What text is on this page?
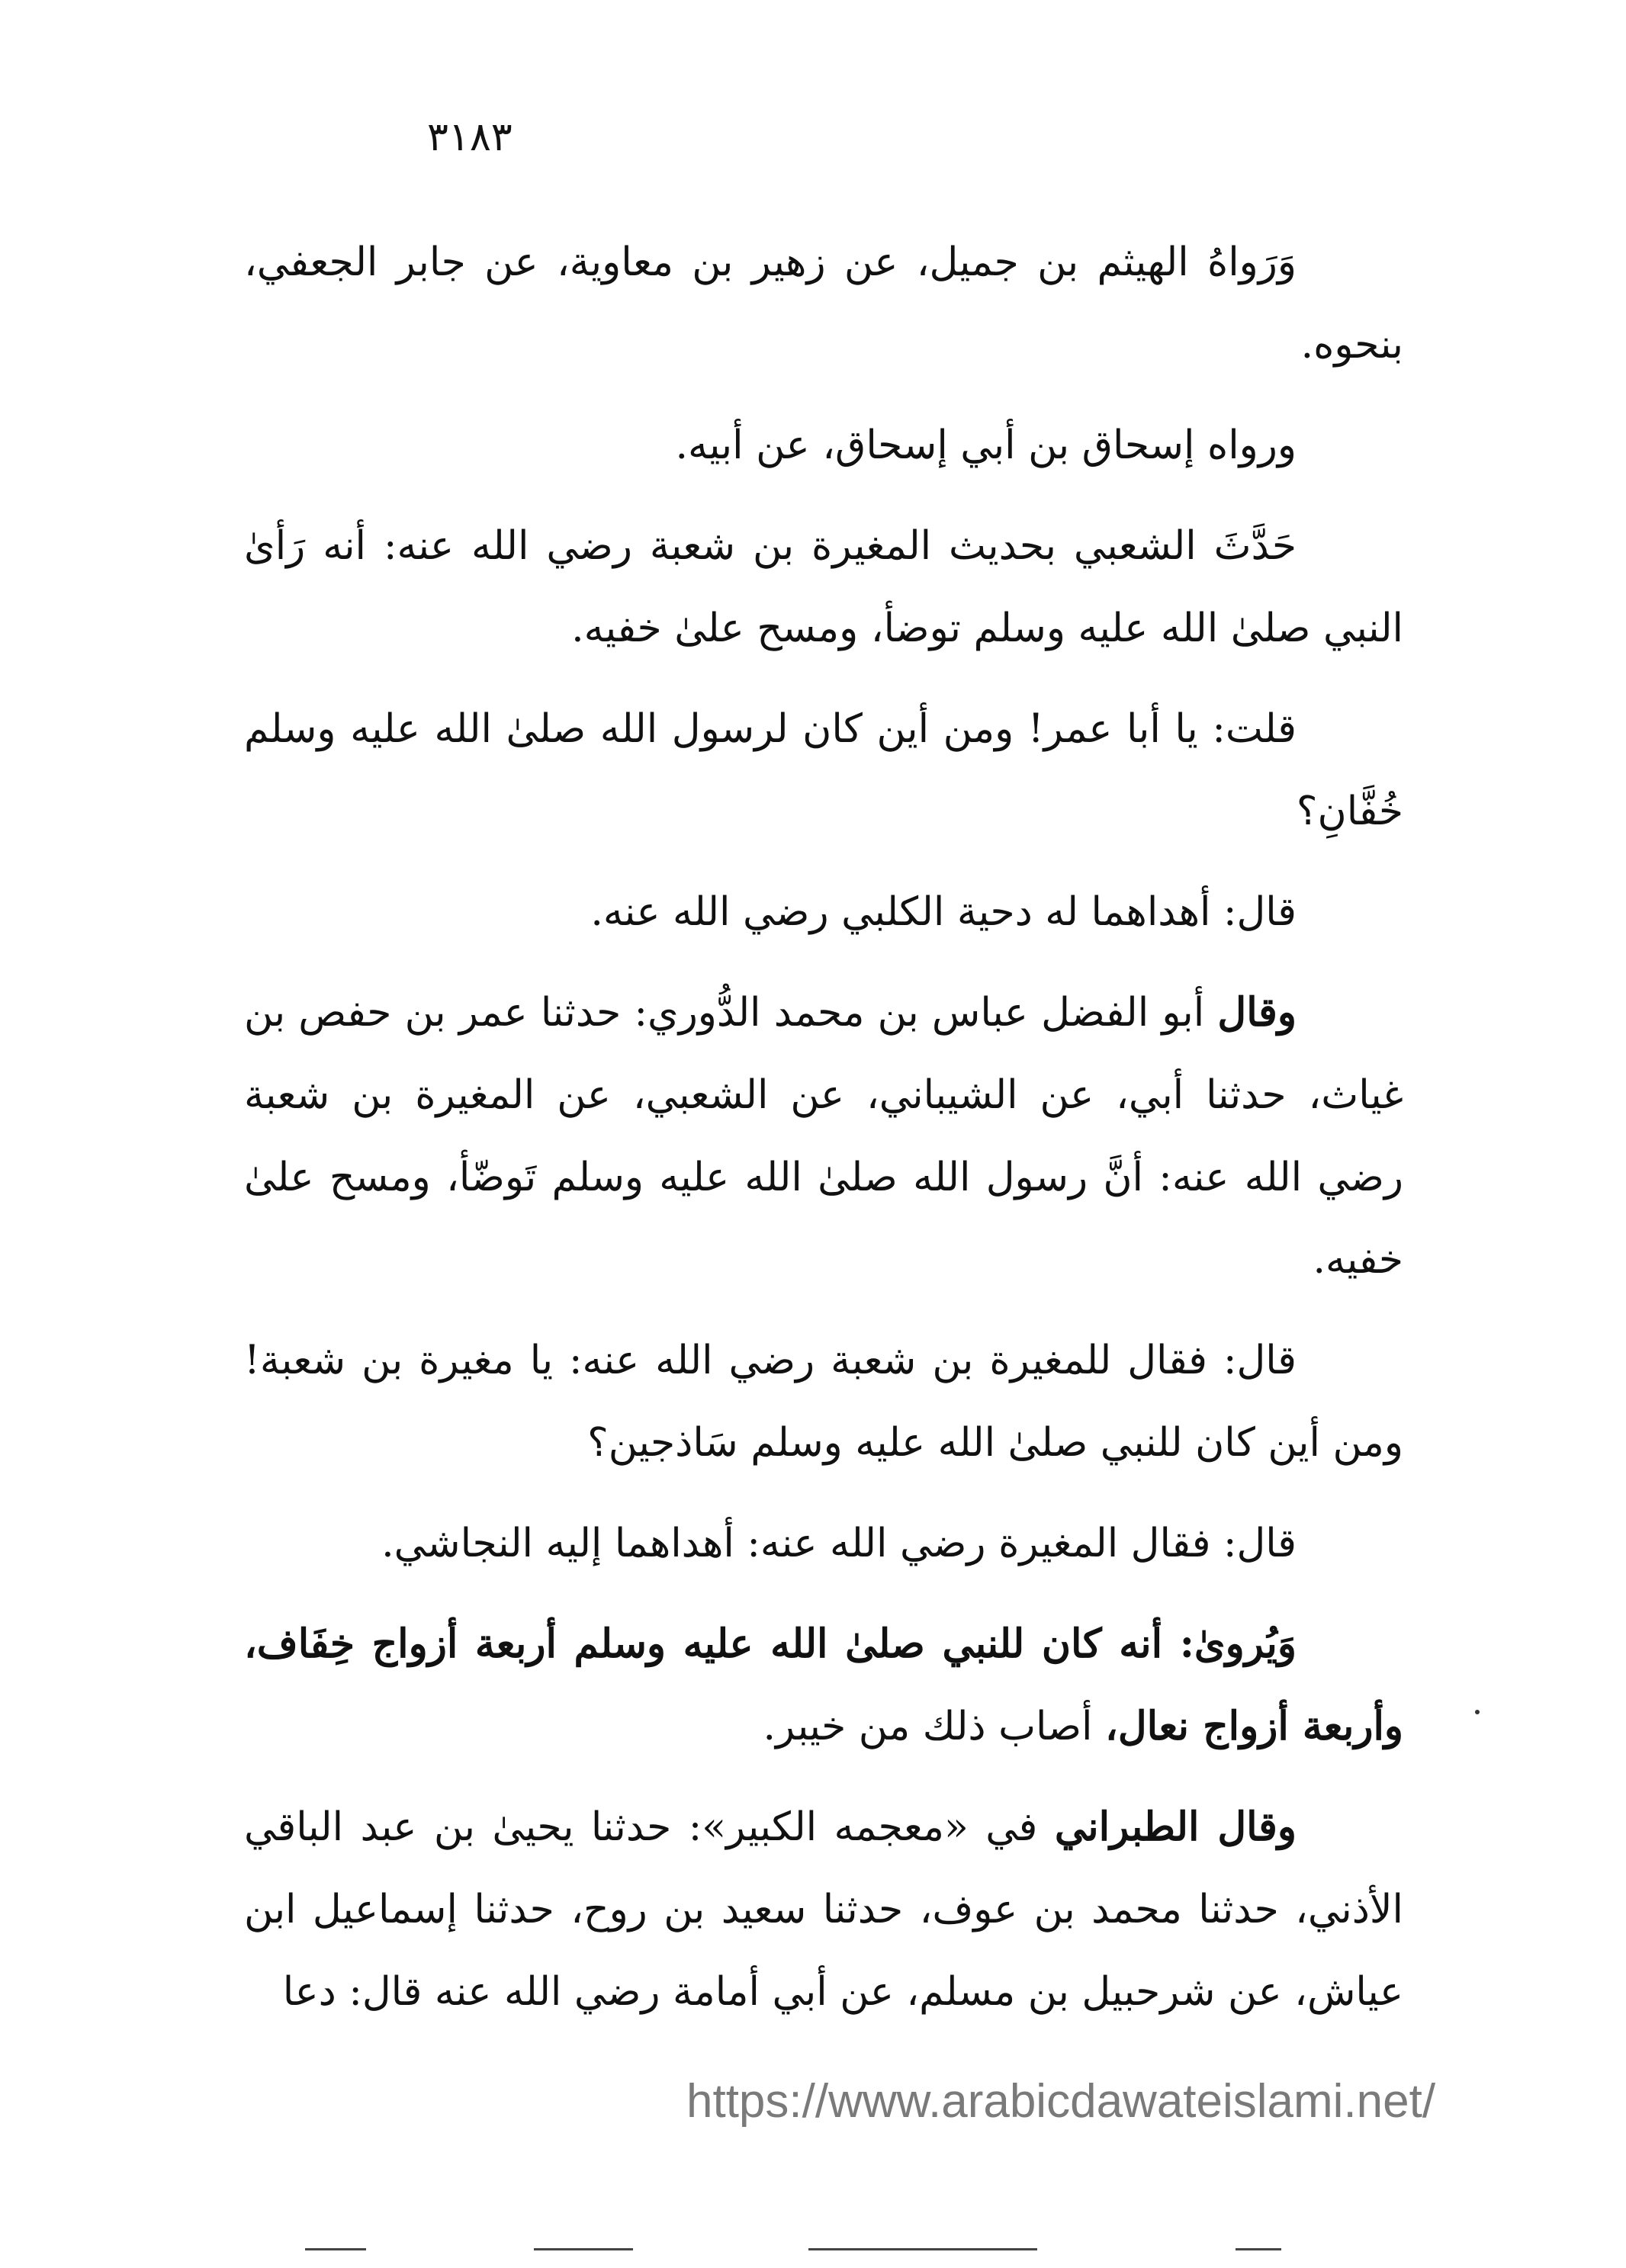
٣١٨٣

وَرَواهُ الهيثم بن جميل، عن زهير بن معاوية، عن جابر الجعفي، بنحوه.

ورواه إسحاق بن أبي إسحاق، عن أبيه.

حَدَّثَ الشعبي بحديث المغيرة بن شعبة رضي الله عنه: أنه رَأىٰ النبي صلىٰ الله عليه وسلم توضأ، ومسح علىٰ خفيه.

قلت: يا أبا عمر! ومن أين كان لرسول الله صلىٰ الله عليه وسلم خُفَّانِ؟

قال: أهداهما له دحية الكلبي رضي الله عنه.

وقال أبو الفضل عباس بن محمد الدُّوري: حدثنا عمر بن حفص بن غياث، حدثنا أبي، عن الشيباني، عن الشعبي، عن المغيرة بن شعبة رضي الله عنه: أنَّ رسول الله صلىٰ الله عليه وسلم تَوضّأ، ومسح علىٰ خفيه.

قال: فقال للمغيرة بن شعبة رضي الله عنه: يا مغيرة بن شعبة! ومن أين كان للنبي صلىٰ الله عليه وسلم سَاذجين؟

قال: فقال المغيرة رضي الله عنه: أهداهما إليه النجاشي.

وَيُروىٰ: أنه كان للنبي صلىٰ الله عليه وسلم أربعة أزواج خِفَاف، وأربعة أزواج نعال، أصاب ذلك من خيبر.

وقال الطبراني في «معجمه الكبير»: حدثنا يحيىٰ بن عبد الباقي الأذني، حدثنا محمد بن عوف، حدثنا سعيد بن روح، حدثنا إسماعيل ابن عياش، عن شرحبيل بن مسلم، عن أبي أمامة رضي الله عنه قال: دعا

https://www.arabicdawateislami.net/
